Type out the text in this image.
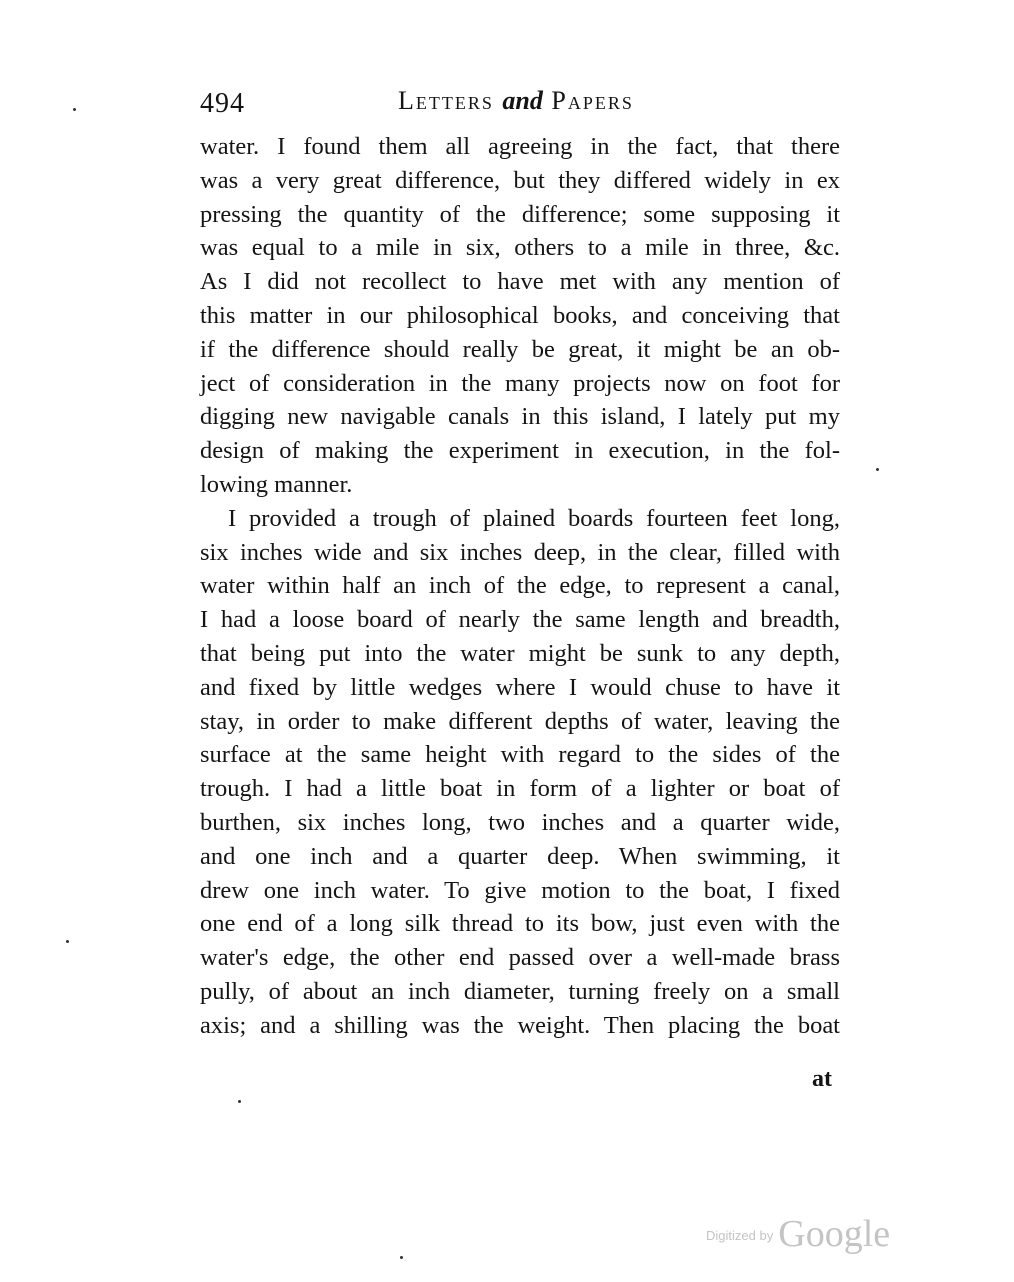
494	Letters and Papers
water. I found them all agreeing in the fact, that there
was a very great difference, but they differed widely in ex
pressing the quantity of the difference; some supposing it
was equal to a mile in six, others to a mile in three, &c.
As I did not recollect to have met with any mention of
this matter in our philosophical books, and conceiving that
if the difference should really be great, it might be an ob-
ject of consideration in the many projects now on foot for
digging new navigable canals in this island, I lately put my
design of making the experiment in execution, in the fol-
lowing manner.
I provided a trough of plained boards fourteen feet long,
six inches wide and six inches deep, in the clear, filled with
water within half an inch of the edge, to represent a canal,
I had a loose board of nearly the same length and breadth,
that being put into the water might be sunk to any depth,
and fixed by little wedges where I would chuse to have it
stay, in order to make different depths of water, leaving the
surface at the same height with regard to the sides of the
trough. I had a little boat in form of a lighter or boat of
burthen, six inches long, two inches and a quarter wide,
and one inch and a quarter deep. When swimming, it
drew one inch water. To give motion to the boat, I fixed
one end of a long silk thread to its bow, just even with the
water's edge, the other end passed over a well-made brass
pully, of about an inch diameter, turning freely on a small
axis; and a shilling was the weight. Then placing the boat
at
$^{Digitized by}$ Google
